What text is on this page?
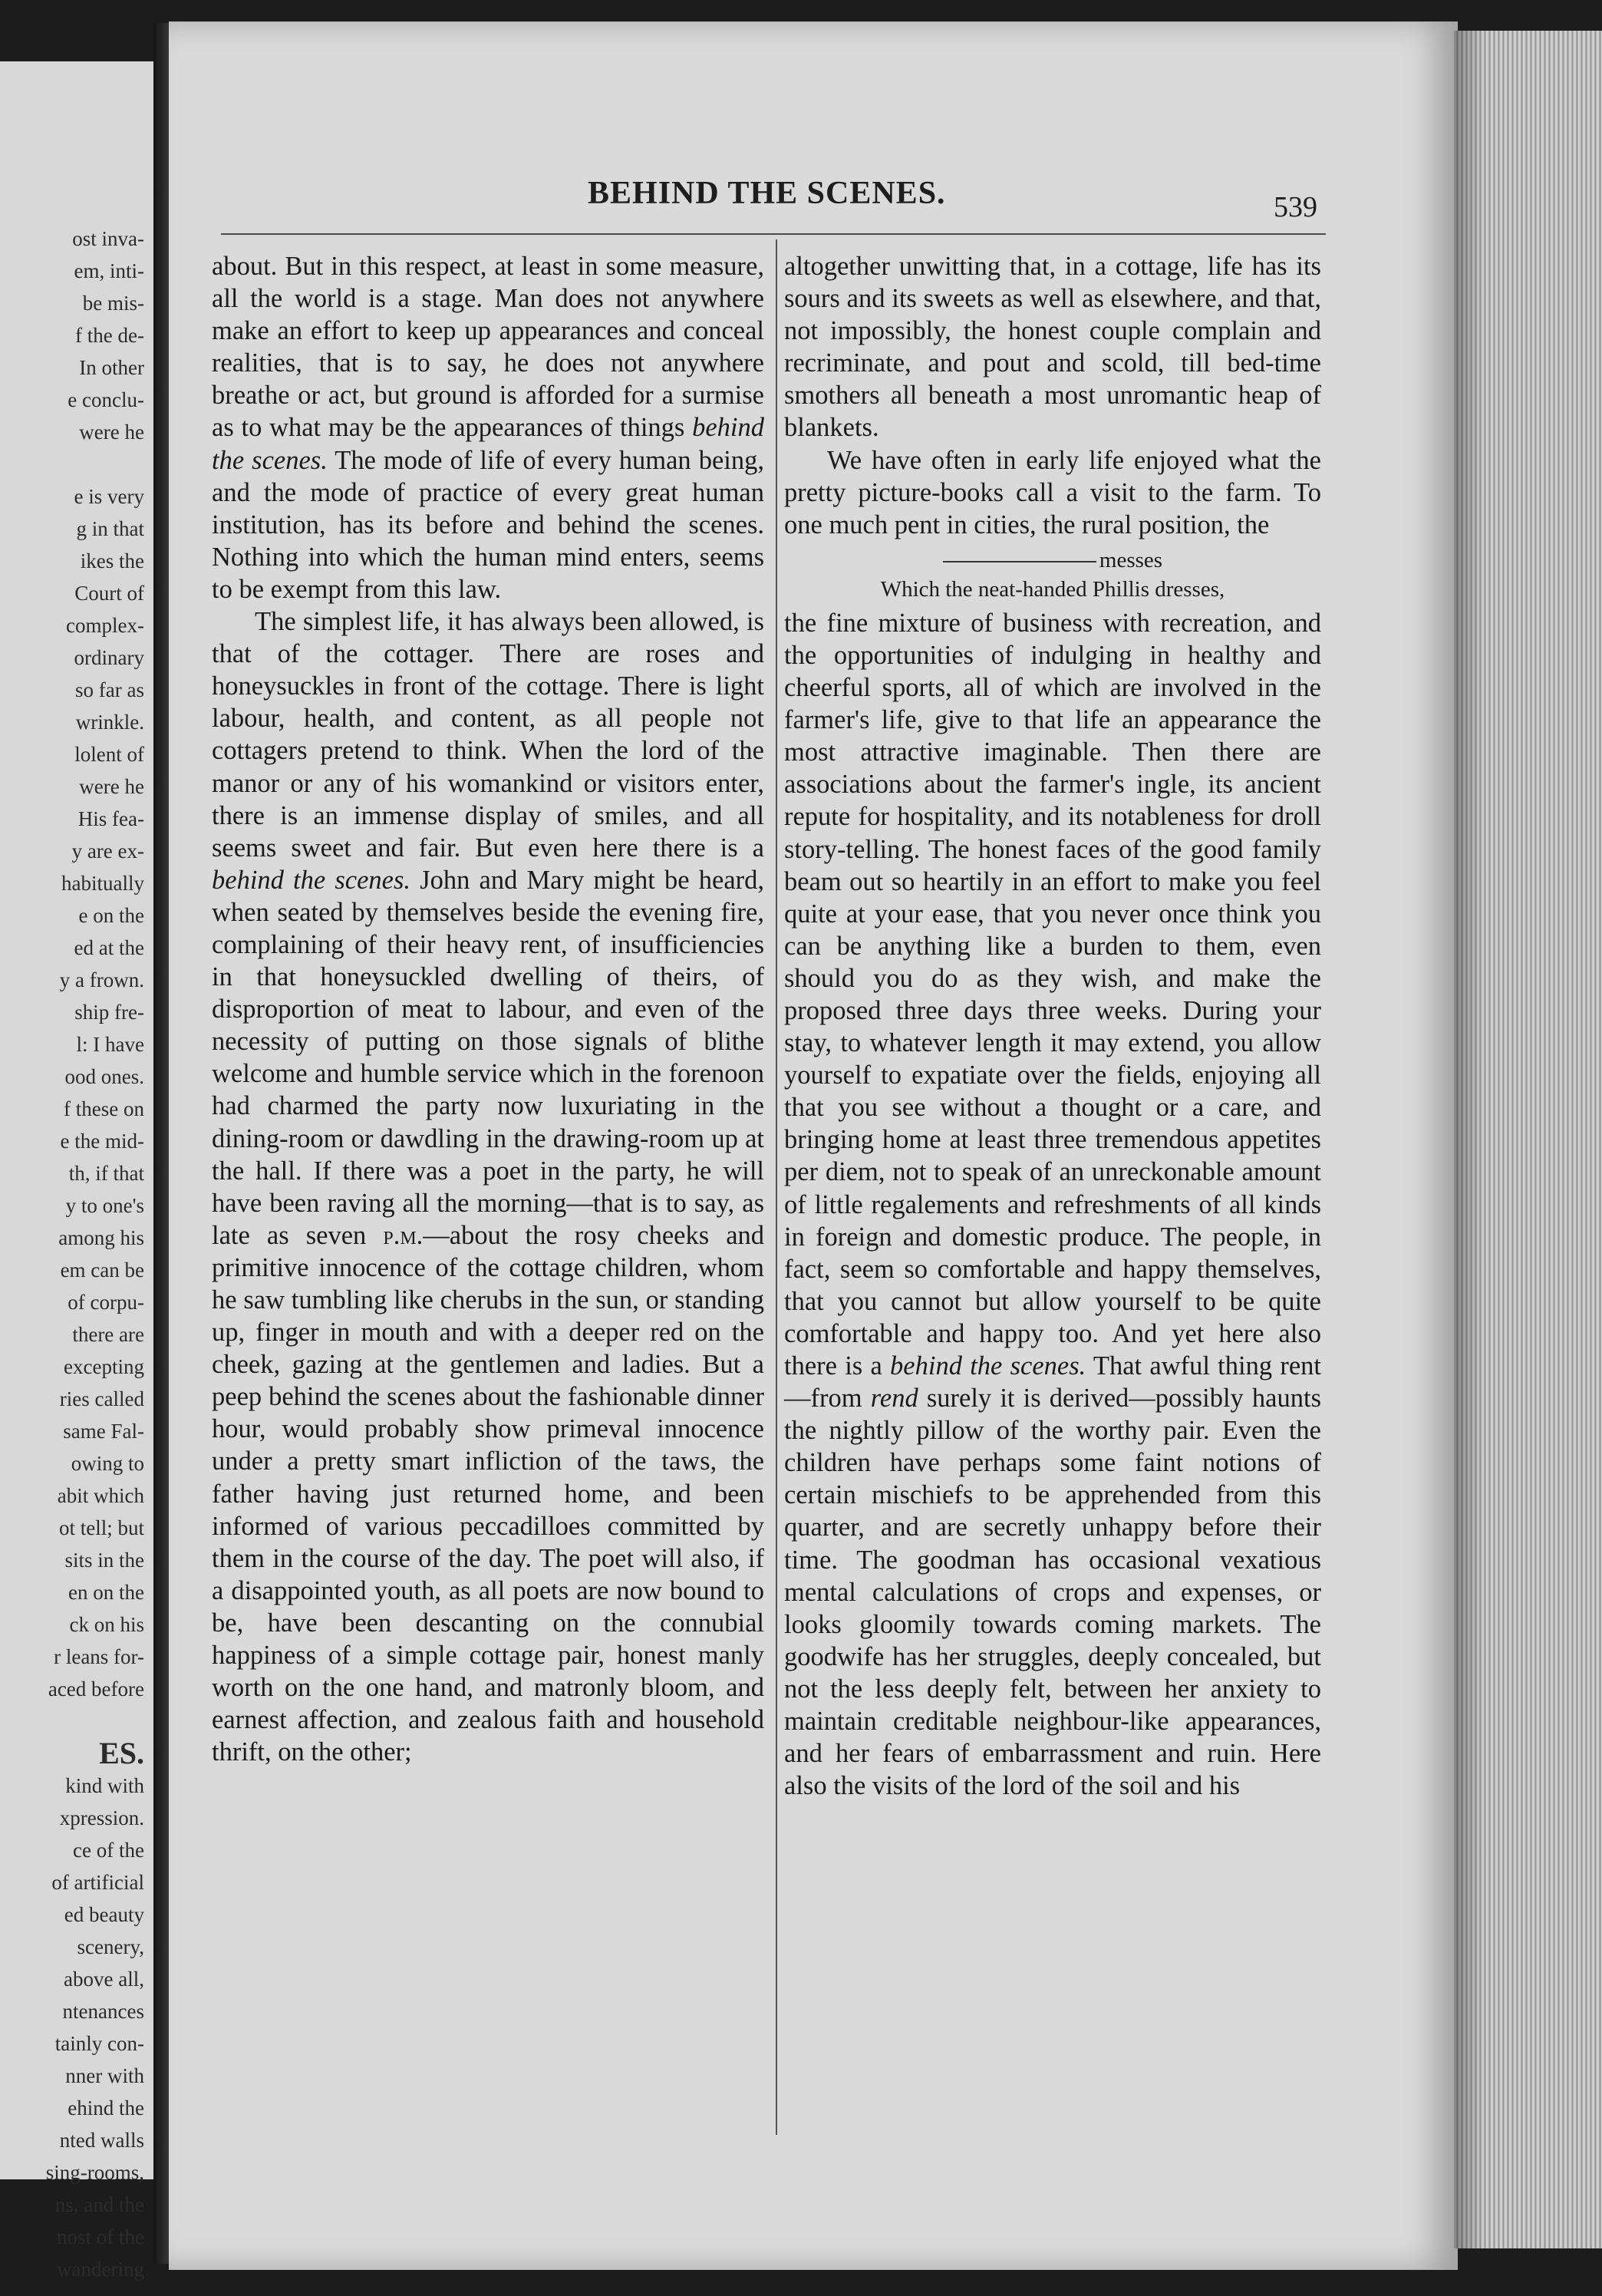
ost inva-
em, inti-
be mis-
f the de-
In other
e conclu-
were he

e is very
g in that
ikes the
Court of
complex-
ordinary
so far as
wrinkle.
lolent of
were he
His fea-
y are ex-
habitually
e on the
ed at the
y a frown.
ship fre-
l: I have
ood ones.
f these on
e the mid-
th, if that
y to one's
among his
em can be
of corpu-
there are
excepting
ries called
same Fal-
owing to
abit which
ot tell; but
sits in the
en on the
ck on his
r leans for-
aced before

ES.
kind with
xpression.
ce of the
of artificial
ed beauty
scenery,
above all,
ntenances
tainly con-
nner with
ehind the
nted walls
sing-rooms,
ns, and the
nost of the
wandering
BEHIND THE SCENES.	539

about. But in this respect, at least in some measure, all the world is a stage. Man does not anywhere make an effort to keep up appearances and conceal realities, that is to say, he does not anywhere breathe or act, but ground is afforded for a surmise as to what may be the appearances of things behind the scenes. The mode of life of every human being, and the mode of practice of every great human institution, has its before and behind the scenes. Nothing into which the human mind enters, seems to be exempt from this law.

The simplest life, it has always been allowed, is that of the cottager. There are roses and honeysuckles in front of the cottage. There is light labour, health, and content, as all people not cottagers pretend to think. When the lord of the manor or any of his womankind or visitors enter, there is an immense display of smiles, and all seems sweet and fair. But even here there is a behind the scenes. John and Mary might be heard, when seated by themselves beside the evening fire, complaining of their heavy rent, of insufficiencies in that honeysuckled dwelling of theirs, of disproportion of meat to labour, and even of the necessity of putting on those signals of blithe welcome and humble service which in the forenoon had charmed the party now luxuriating in the dining-room or dawdling in the drawing-room up at the hall. If there was a poet in the party, he will have been raving all the morning—that is to say, as late as seven p.m.—about the rosy cheeks and primitive innocence of the cottage children, whom he saw tumbling like cherubs in the sun, or standing up, finger in mouth and with a deeper red on the cheek, gazing at the gentlemen and ladies. But a peep behind the scenes about the fashionable dinner hour, would probably show primeval innocence under a pretty smart infliction of the taws, the father having just returned home, and been informed of various peccadilloes committed by them in the course of the day. The poet will also, if a disappointed youth, as all poets are now bound to be, have been descanting on the connubial happiness of a simple cottage pair, honest manly worth on the one hand, and matronly bloom, and earnest affection, and zealous faith and household thrift, on the other;

altogether unwitting that, in a cottage, life has its sours and its sweets as well as elsewhere, and that, not impossibly, the honest couple complain and recriminate, and pout and scold, till bed-time smothers all beneath a most unromantic heap of blankets.

We have often in early life enjoyed what the pretty picture-books call a visit to the farm. To one much pent in cities, the rural position, the

messes
Which the neat-handed Phillis dresses,

the fine mixture of business with recreation, and the opportunities of indulging in healthy and cheerful sports, all of which are involved in the farmer's life, give to that life an appearance the most attractive imaginable. Then there are associations about the farmer's ingle, its ancient repute for hospitality, and its notableness for droll story-telling. The honest faces of the good family beam out so heartily in an effort to make you feel quite at your ease, that you never once think you can be anything like a burden to them, even should you do as they wish, and make the proposed three days three weeks. During your stay, to whatever length it may extend, you allow yourself to expatiate over the fields, enjoying all that you see without a thought or a care, and bringing home at least three tremendous appetites per diem, not to speak of an unreckonable amount of little regalements and refreshments of all kinds in foreign and domestic produce. The people, in fact, seem so comfortable and happy themselves, that you cannot but allow yourself to be quite comfortable and happy too. And yet here also there is a behind the scenes. That awful thing rent—from rend surely it is derived—possibly haunts the nightly pillow of the worthy pair. Even the children have perhaps some faint notions of certain mischiefs to be apprehended from this quarter, and are secretly unhappy before their time. The goodman has occasional vexatious mental calculations of crops and expenses, or looks gloomily towards coming markets. The goodwife has her struggles, deeply concealed, but not the less deeply felt, between her anxiety to maintain creditable neighbour-like appearances, and her fears of embarrassment and ruin. Here also the visits of the lord of the soil and his
